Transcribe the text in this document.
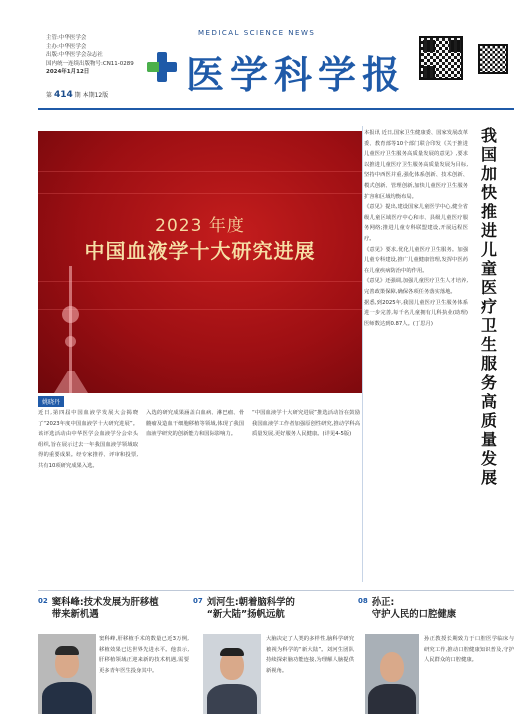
主管:中华医学会
主办:中华医学会
出版:中华医学会杂志社
国内统一连续出版物号:CN11-0289
2024年1月12日
第 414 期 本期12版
MEDICAL SCIENCE NEWS
医学科学报
2023 年度
中国血液学十大研究进展
姚晓丹
我
国
加
快
推
进
儿
童
医
疗
卫
生
服
务
高
质
量
发
展

本报讯 近日,国家卫生健康委、国家发展改革委、教育部等10个部门联合印发《关于推进儿童医疗卫生服务高质量发展的意见》,要求以推进儿童医疗卫生服务高质量发展为目标,坚持中西医并重,强化体系创新、技术创新、模式创新、管理创新,加快儿童医疗卫生服务扩容和区域均衡布局。

《意见》提出,建设国家儿童医学中心,健全省级儿童区域医疗中心和市、县级儿童医疗服务网络;推进儿童专科联盟建设,开展远程医疗。

《意见》要求,优化儿童医疗卫生服务。加强儿童专科建设,推广儿童健康管理,发挥中医药在儿童疾病防治中的作用。

《意见》还强调,加强儿童医疗卫生人才培养,完善政策保障,确保各项任务落实落地。

据悉,到2025年,我国儿童医疗卫生服务体系进一步完善,每千名儿童拥有儿科执业(助理)医师数达到0.87人。(丁思月)

近日,第四届中国血液学发展大会揭晓了“2023年度中国血液学十大研究进展”。该评选活动由中华医学会血液学分会牵头组织,旨在展示过去一年我国血液学领域取得的重要成果。经专家推荐、评审和投票,共有10项研究成果入选。
入选的研究成果涵盖白血病、淋巴瘤、骨髓瘤及造血干细胞移植等领域,体现了我国血液学研究的创新能力和国际影响力。
“中国血液学十大研究进展”推选活动旨在鼓励我国血液学工作者加强原创性研究,推动学科高质量发展,更好服务人民健康。(详见4-5版)
02 窦科峰:技术发展为肝移植
带来新机遇
窦科峰,肝移植手术的数量已近3万例,移植效果已达世界先进水平。他表示,肝移植领域正迎来新的技术机遇,需要更多青年医生投身其中。
07 刘河生:朝着脑科学的
“新大陆”扬帆远航
大脑决定了人类的多样性,脑科学研究被视为科学的“新大陆”。刘河生团队持续探索脑功能连接,为理解人脑提供新视角。
08 孙正:
守护人民的口腔健康
孙正教授长期致力于口腔医学临床与研究工作,推动口腔健康知识普及,守护人民群众的口腔健康。
